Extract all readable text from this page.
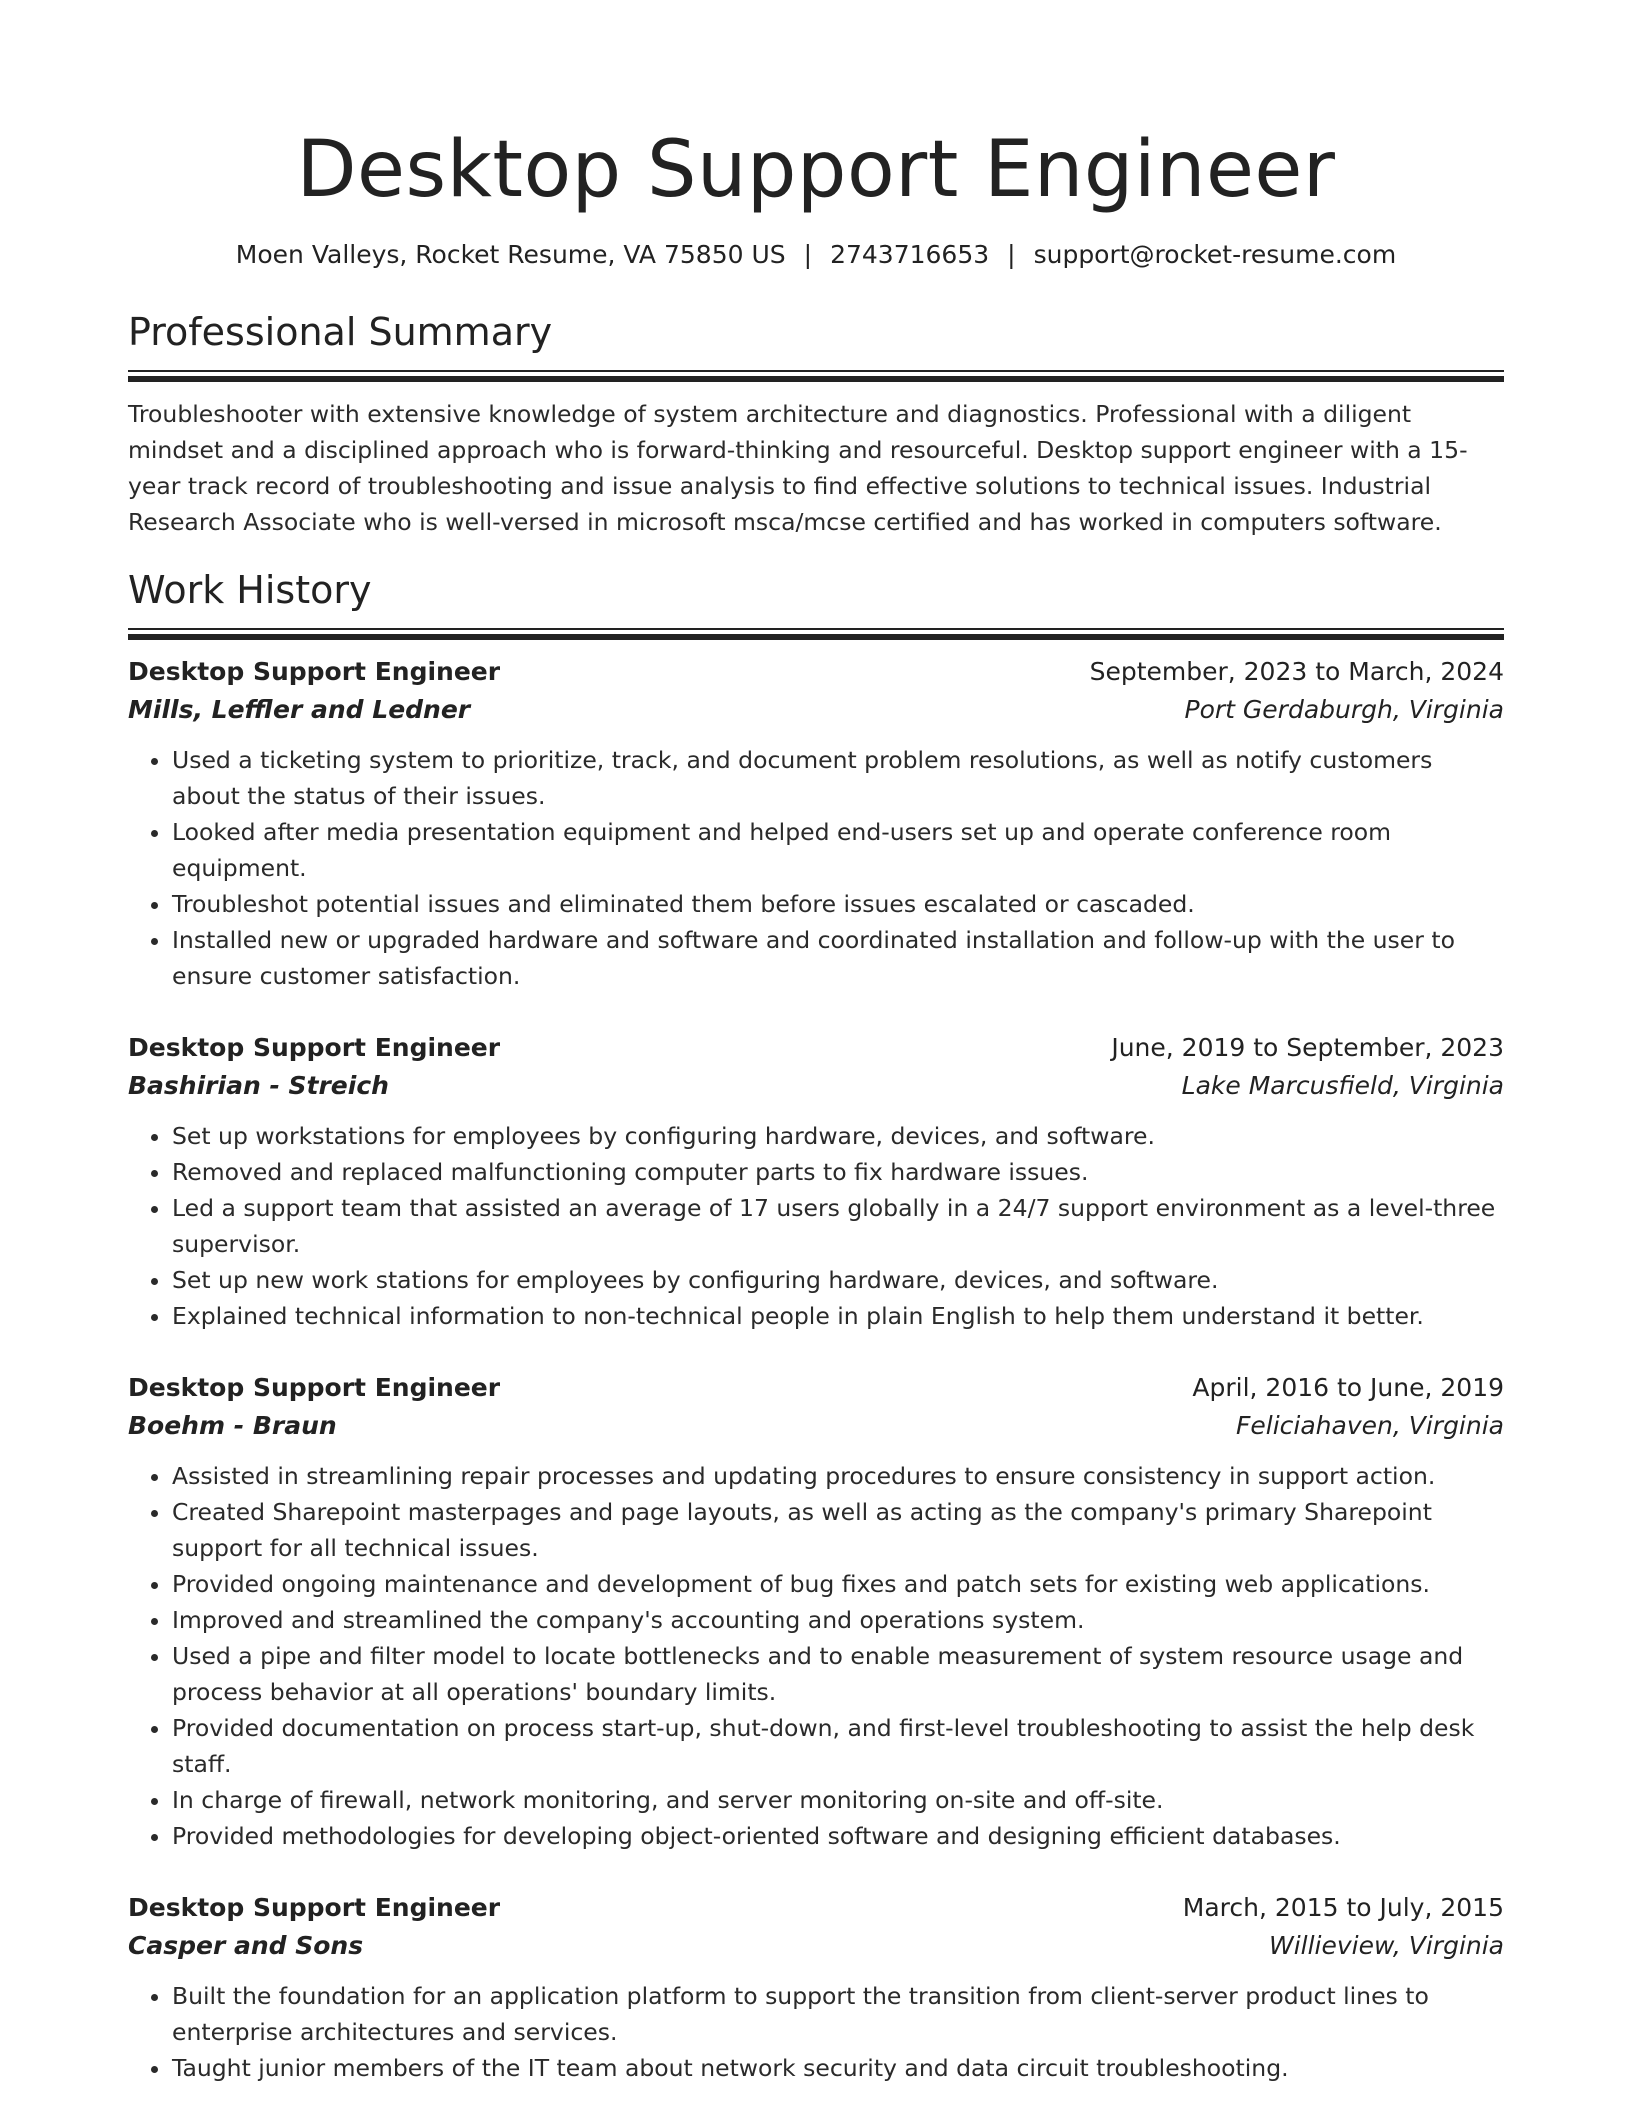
Desktop Support Engineer
Moen Valleys, Rocket Resume, VA 75850 US | 2743716653 | support@rocket-resume.com
Professional Summary

Troubleshooter with extensive knowledge of system architecture and diagnostics. Professional with a diligent mindset and a disciplined approach who is forward-thinking and resourceful. Desktop support engineer with a 15-year track record of troubleshooting and issue analysis to find effective solutions to technical issues. Industrial Research Associate who is well-versed in microsoft msca/mcse certified and has worked in computers software.

Work History
Desktop Support Engineer	September, 2023 to March, 2024
Mills, Leffler and Ledner	Port Gerdaburgh, Virginia
• Used a ticketing system to prioritize, track, and document problem resolutions, as well as notify customers about the status of their issues.
• Looked after media presentation equipment and helped end-users set up and operate conference room equipment.
• Troubleshot potential issues and eliminated them before issues escalated or cascaded.
• Installed new or upgraded hardware and software and coordinated installation and follow-up with the user to ensure customer satisfaction.
Desktop Support Engineer	June, 2019 to September, 2023
Bashirian - Streich	Lake Marcusfield, Virginia
• Set up workstations for employees by configuring hardware, devices, and software.
• Removed and replaced malfunctioning computer parts to fix hardware issues.
• Led a support team that assisted an average of 17 users globally in a 24/7 support environment as a level-three supervisor.
• Set up new work stations for employees by configuring hardware, devices, and software.
• Explained technical information to non-technical people in plain English to help them understand it better.
Desktop Support Engineer	April, 2016 to June, 2019
Boehm - Braun	Feliciahaven, Virginia
• Assisted in streamlining repair processes and updating procedures to ensure consistency in support action.
• Created Sharepoint masterpages and page layouts, as well as acting as the company's primary Sharepoint support for all technical issues.
• Provided ongoing maintenance and development of bug fixes and patch sets for existing web applications.
• Improved and streamlined the company's accounting and operations system.
• Used a pipe and filter model to locate bottlenecks and to enable measurement of system resource usage and process behavior at all operations' boundary limits.
• Provided documentation on process start-up, shut-down, and first-level troubleshooting to assist the help desk staff.
• In charge of firewall, network monitoring, and server monitoring on-site and off-site.
• Provided methodologies for developing object-oriented software and designing efficient databases.
Desktop Support Engineer	March, 2015 to July, 2015
Casper and Sons	Willieview, Virginia
• Built the foundation for an application platform to support the transition from client-server product lines to enterprise architectures and services.
• Taught junior members of the IT team about network security and data circuit troubleshooting.
